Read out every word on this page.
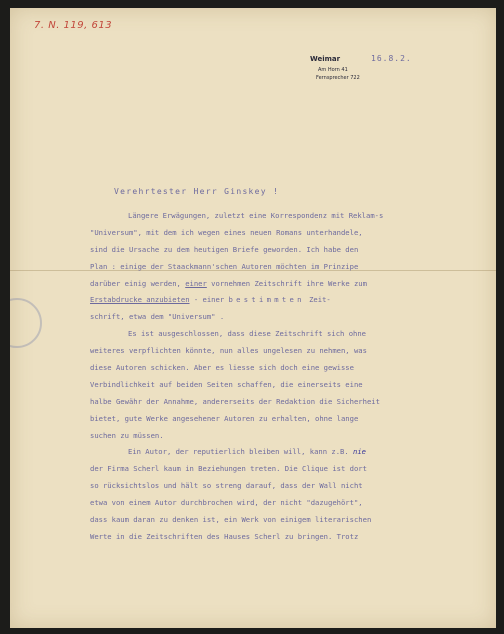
7. N. 119, 613
Weimar
Am Horn 41
Fernsprecher 722
16.8.2.
Verehrtester Herr Ginskey !
Längere Erwägungen, zuletzt eine Korrespondenz mit Reklam-s
"Universum", mit dem ich wegen eines neuen Romans unterhandele,
sind die Ursache zu dem heutigen Briefe geworden. Ich habe den
Plan : einige der Staackmann'schen Autoren möchten im Prinzipe
darüber einig werden, einer vornehmen Zeitschrift ihre Werke zum
Erstabdrucke anzubieten - einer bestimmten Zeit-
schrift, etwa dem "Universum" .
Es ist ausgeschlossen, dass diese Zeitschrift sich ohne
weiteres verpflichten könnte, nun alles ungelesen zu nehmen, was
diese Autoren schicken. Aber es liesse sich doch eine gewisse
Verbindlichkeit auf beiden Seiten schaffen, die einerseits eine
halbe Gewähr der Annahme, andererseits der Redaktion die Sicherheit
bietet, gute Werke angesehener Autoren zu erhalten, ohne lange
suchen zu müssen.
Ein Autor, der reputierlich bleiben will, kann z.B. nie
der Firma Scherl kaum in Beziehungen treten. Die Clique ist dort
so rücksichtslos und hält so streng darauf, dass der Wall nicht
etwa von einem Autor durchbrochen wird, der nicht "dazugehört",
dass kaum daran zu denken ist, ein Werk von einigem literarischen
Werte in die Zeitschriften des Hauses Scherl zu bringen. Trotz
